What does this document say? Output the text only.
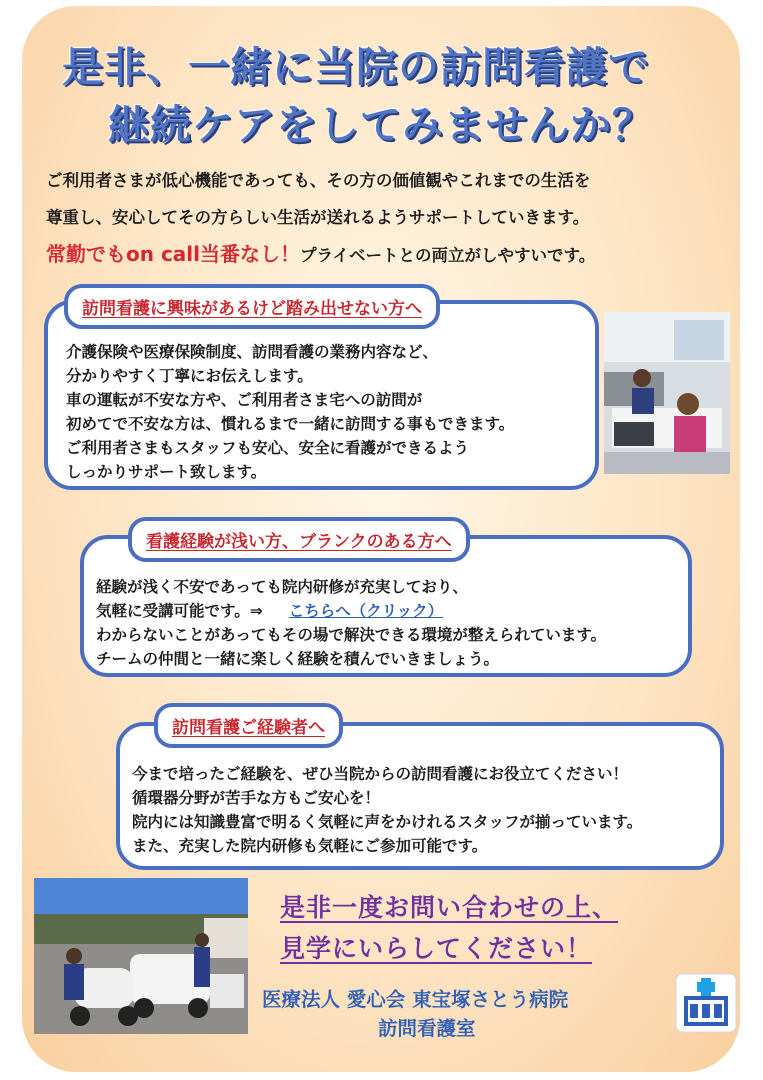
是非、一緒に当院の訪問看護で
継続ケアをしてみませんか？
ご利用者さまが低心機能であっても、その方の価値観やこれまでの生活を
尊重し、安心してその方らしい生活が送れるようサポートしていきます。
常勤でもon call当番なし！プライベートとの両立がしやすいです。
訪問看護に興味があるけど踏み出せない方へ
介護保険や医療保険制度、訪問看護の業務内容など、
分かりやすく丁寧にお伝えします。
車の運転が不安な方や、ご利用者さま宅への訪問が
初めてで不安な方は、慣れるまで一緒に訪問する事もできます。
ご利用者さまもスタッフも安心、安全に看護ができるよう
しっかりサポート致します。
看護経験が浅い方、ブランクのある方へ
経験が浅く不安であっても院内研修が充実しており、
気軽に受講可能です。⇒ こちらへ（クリック）
わからないことがあってもその場で解決できる環境が整えられています。
チームの仲間と一緒に楽しく経験を積んでいきましょう。
訪問看護ご経験者へ
今まで培ったご経験を、ぜひ当院からの訪問看護にお役立てください！
循環器分野が苦手な方もご安心を！
院内には知識豊富で明るく気軽に声をかけれるスタッフが揃っています。
また、充実した院内研修も気軽にご参加可能です。
是非一度お問い合わせの上、
見学にいらしてください！
医療法人 愛心会 東宝塚さとう病院
訪問看護室
